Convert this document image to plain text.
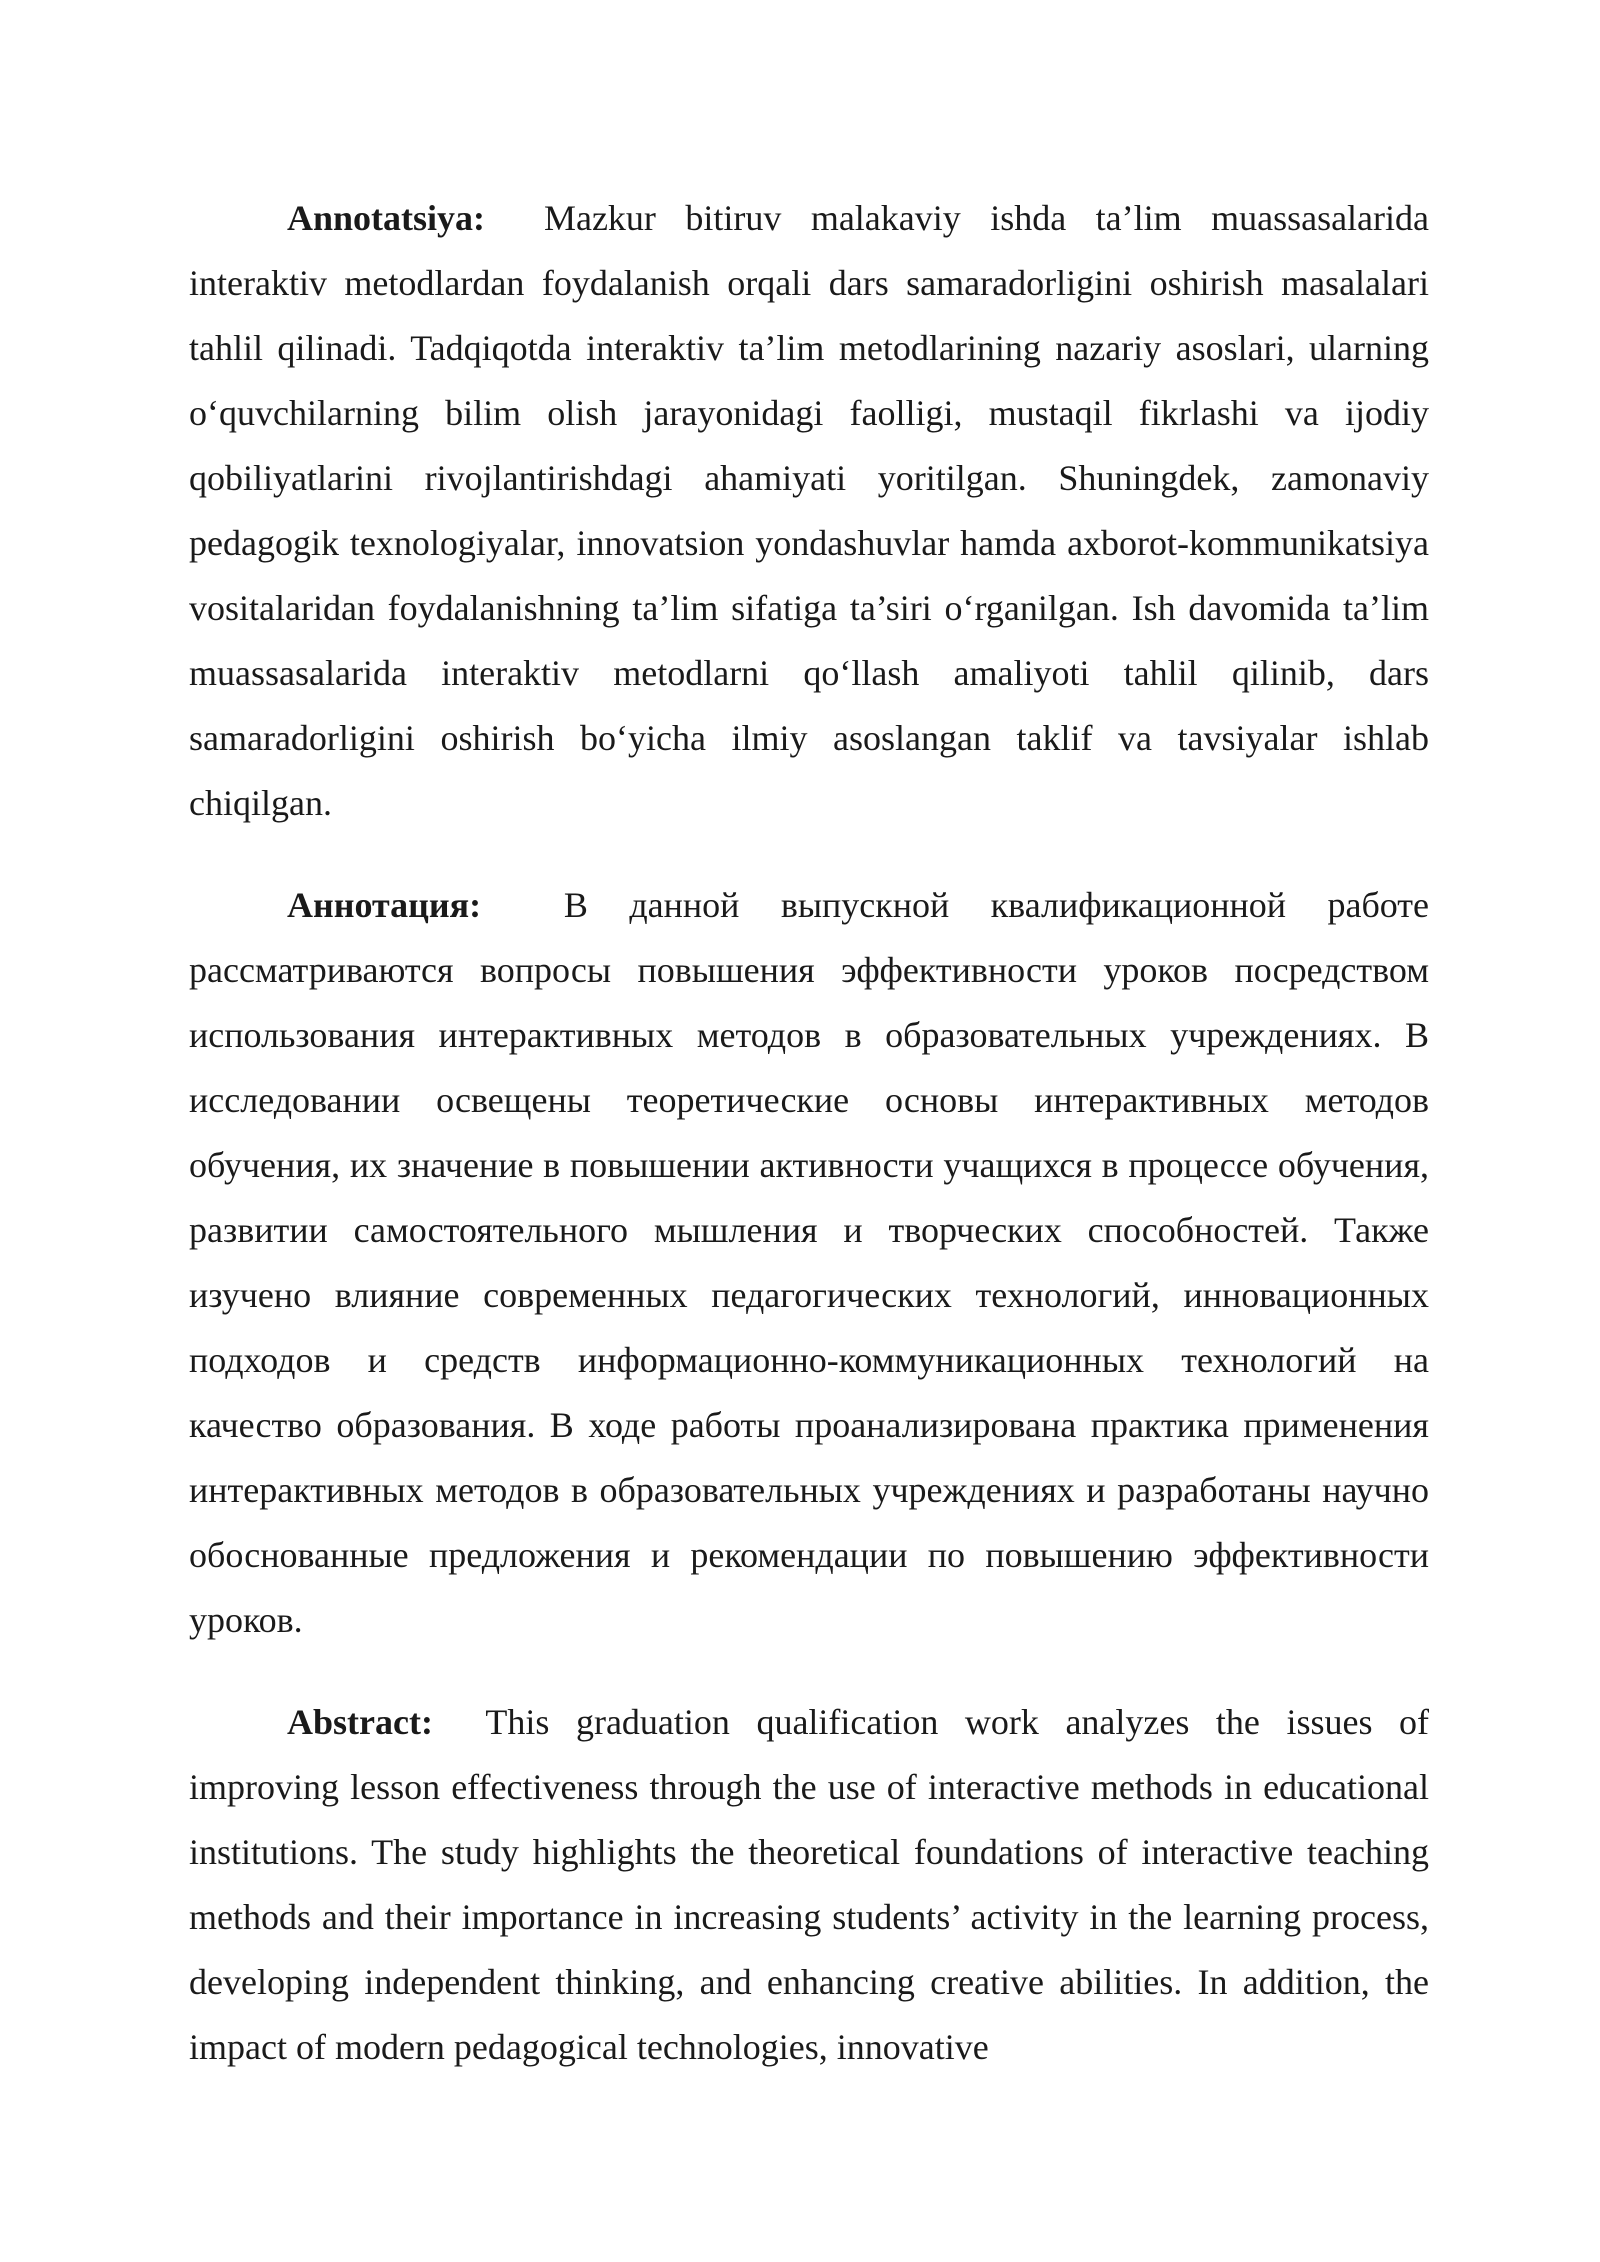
Annotatsiya: Mazkur bitiruv malakaviy ishda ta’lim muassasalarida interaktiv metodlardan foydalanish orqali dars samaradorligini oshirish masalalari tahlil qilinadi. Tadqiqotda interaktiv ta’lim metodlarining nazariy asoslari, ularning o‘quvchilarning bilim olish jarayonidagi faolligi, mustaqil fikrlashi va ijodiy qobiliyatlarini rivojlantirishdagi ahamiyati yoritilgan. Shuningdek, zamonaviy pedagogik texnologiyalar, innovatsion yondashuvlar hamda axborot-kommunikatsiya vositalaridan foydalanishning ta’lim sifatiga ta’siri o‘rganilgan. Ish davomida ta’lim muassasalarida interaktiv metodlarni qo‘llash amaliyoti tahlil qilinib, dars samaradorligini oshirish bo‘yicha ilmiy asoslangan taklif va tavsiyalar ishlab chiqilgan.

Аннотация: В данной выпускной квалификационной работе рассматриваются вопросы повышения эффективности уроков посредством использования интерактивных методов в образовательных учреждениях. В исследовании освещены теоретические основы интерактивных методов обучения, их значение в повышении активности учащихся в процессе обучения, развитии самостоятельного мышления и творческих способностей. Также изучено влияние современных педагогических технологий, инновационных подходов и средств информационно-коммуникационных технологий на качество образования. В ходе работы проанализирована практика применения интерактивных методов в образовательных учреждениях и разработаны научно обоснованные предложения и рекомендации по повышению эффективности уроков.

Abstract: This graduation qualification work analyzes the issues of improving lesson effectiveness through the use of interactive methods in educational institutions. The study highlights the theoretical foundations of interactive teaching methods and their importance in increasing students’ activity in the learning process, developing independent thinking, and enhancing creative abilities. In addition, the impact of modern pedagogical technologies, innovative
